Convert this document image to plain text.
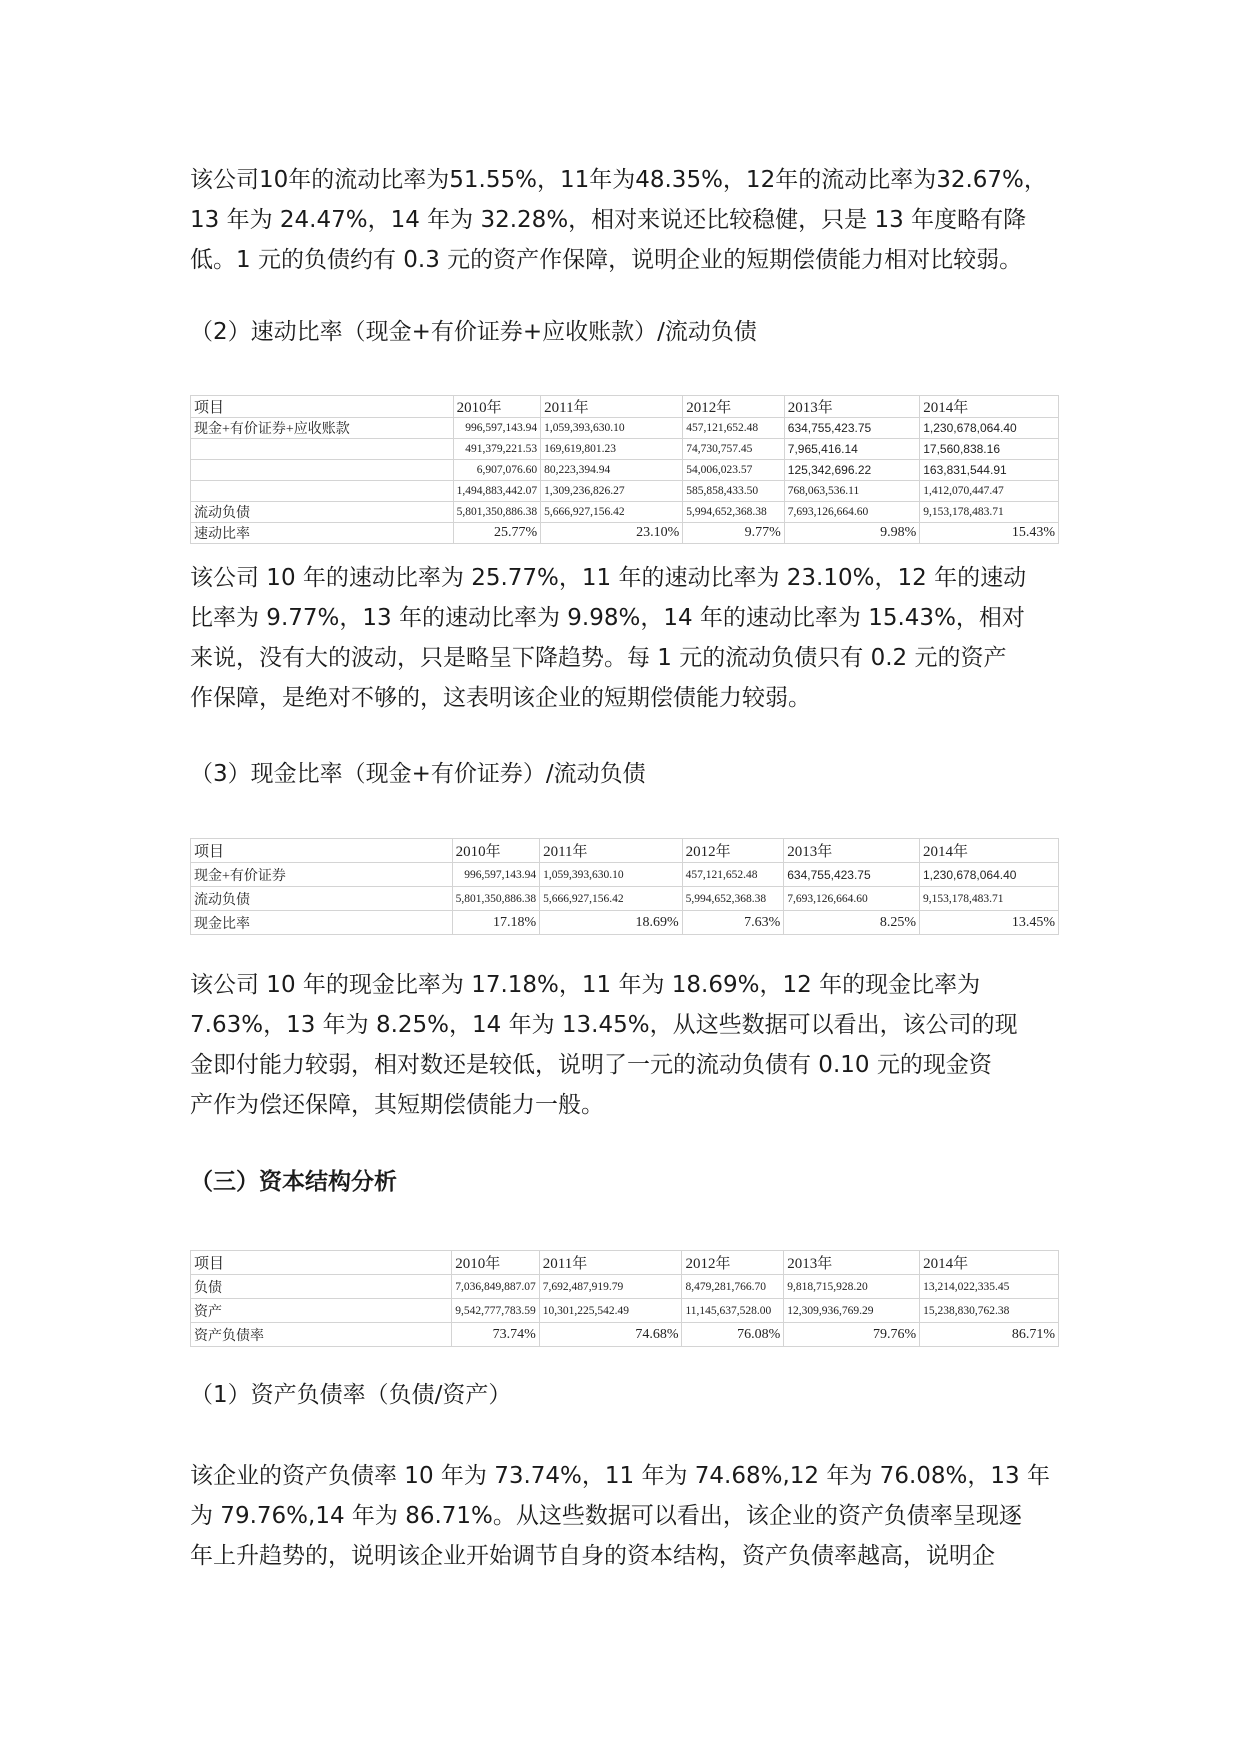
该公司10年的流动比率为51.55%，11年为48.35%，12年的流动比率为32.67%，
13 年为 24.47%，14 年为 32.28%，相对来说还比较稳健，只是 13 年度略有降
低。1 元的负债约有 0.3 元的资产作保障，说明企业的短期偿债能力相对比较弱。

（2）速动比率（现金+有价证券+应收账款）/流动负债
项目	2010年	2011年	2012年	2013年	2014年
现金+有价证券+应收账款	996,597,143.94	1,059,393,630.10	457,121,652.48	634,755,423.75	1,230,678,064.40
	491,379,221.53	169,619,801.23	74,730,757.45	7,965,416.14	17,560,838.16
	6,907,076.60	80,223,394.94	54,006,023.57	125,342,696.22	163,831,544.91
	1,494,883,442.07	1,309,236,826.27	585,858,433.50	768,063,536.11	1,412,070,447.47
流动负债	5,801,350,886.38	5,666,927,156.42	5,994,652,368.38	7,693,126,664.60	9,153,178,483.71
速动比率	25.77%	23.10%	9.77%	9.98%	15.43%

该公司 10 年的速动比率为 25.77%，11 年的速动比率为 23.10%，12 年的速动
比率为 9.77%，13 年的速动比率为 9.98%，14 年的速动比率为 15.43%，相对
来说，没有大的波动，只是略呈下降趋势。每 1 元的流动负债只有 0.2 元的资产
作保障，是绝对不够的，这表明该企业的短期偿债能力较弱。

（3）现金比率（现金+有价证券）/流动负债
项目	2010年	2011年	2012年	2013年	2014年
现金+有价证券	996,597,143.94	1,059,393,630.10	457,121,652.48	634,755,423.75	1,230,678,064.40
流动负债	5,801,350,886.38	5,666,927,156.42	5,994,652,368.38	7,693,126,664.60	9,153,178,483.71
现金比率	17.18%	18.69%	7.63%	8.25%	13.45%

该公司 10 年的现金比率为 17.18%，11 年为 18.69%，12 年的现金比率为
7.63%，13 年为 8.25%，14 年为 13.45%，从这些数据可以看出，该公司的现
金即付能力较弱，相对数还是较低，说明了一元的流动负债有 0.10 元的现金资
产作为偿还保障，其短期偿债能力一般。

（三）资本结构分析
项目	2010年	2011年	2012年	2013年	2014年
负债	7,036,849,887.07	7,692,487,919.79	8,479,281,766.70	9,818,715,928.20	13,214,022,335.45
资产	9,542,777,783.59	10,301,225,542.49	11,145,637,528.00	12,309,936,769.29	15,238,830,762.38
资产负债率	73.74%	74.68%	76.08%	79.76%	86.71%
（1）资产负债率（负债/资产）

该企业的资产负债率 10 年为 73.74%，11 年为 74.68%,12 年为 76.08%，13 年
为 79.76%,14 年为 86.71%。从这些数据可以看出，该企业的资产负债率呈现逐
年上升趋势的，说明该企业开始调节自身的资本结构，资产负债率越高，说明企
